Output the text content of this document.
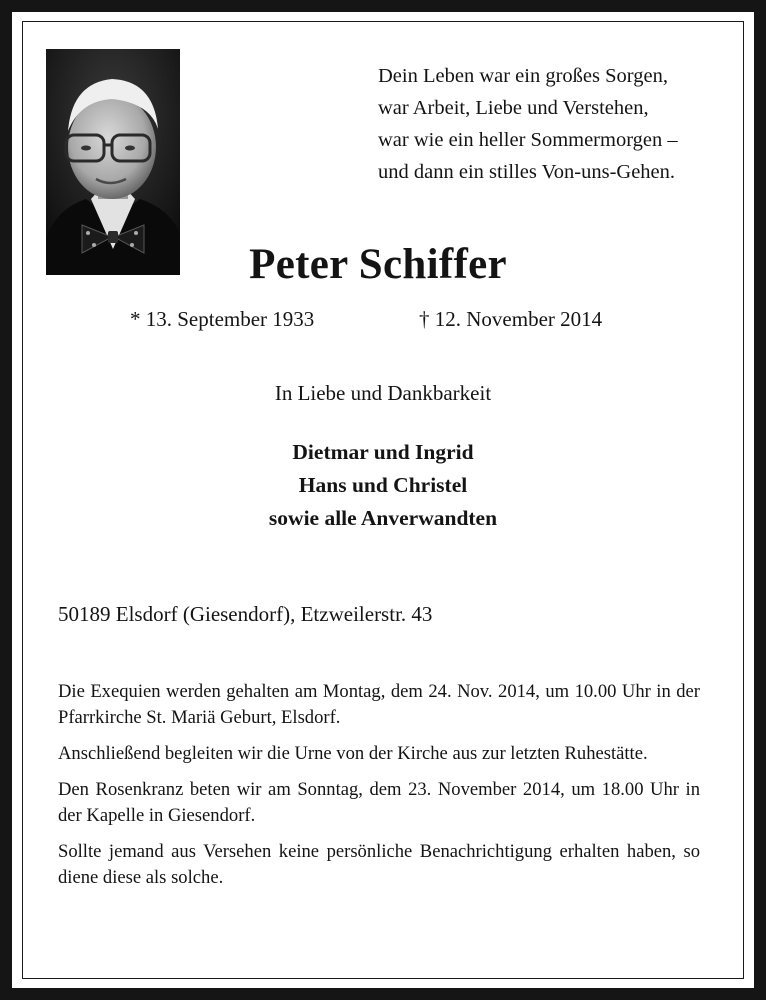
Dein Leben war ein großes Sorgen,
war Arbeit, Liebe und Verstehen,
war wie ein heller Sommermorgen –
und dann ein stilles Von-uns-Gehen.
Peter Schiffer
* 13. September 1933	† 12. November 2014
In Liebe und Dankbarkeit
Dietmar und Ingrid
Hans und Christel
sowie alle Anverwandten
50189 Elsdorf (Giesendorf), Etzweilerstr. 43

Die Exequien werden gehalten am Montag, dem 24. Nov. 2014, um 10.00 Uhr in der Pfarrkirche St. Mariä Geburt, Elsdorf.

Anschließend begleiten wir die Urne von der Kirche aus zur letzten Ruhestätte.

Den Rosenkranz beten wir am Sonntag, dem 23. November 2014, um 18.00 Uhr in der Kapelle in Giesendorf.

Sollte jemand aus Versehen keine persönliche Benachrichtigung erhalten haben, so diene diese als solche.
